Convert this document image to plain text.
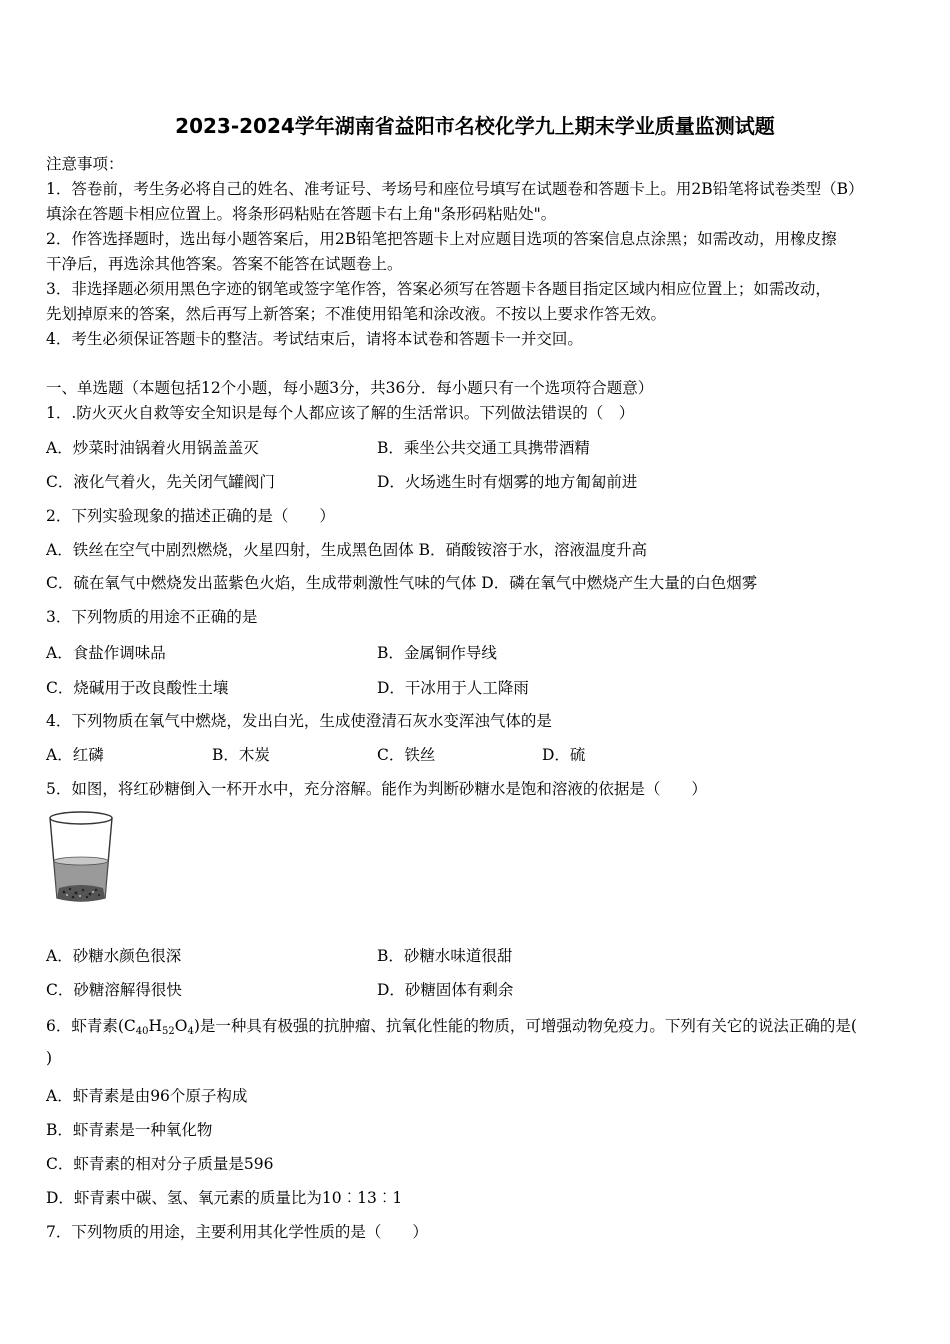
2023-2024学年湖南省益阳市名校化学九上期末学业质量监测试题
注意事项：
1．答卷前，考生务必将自己的姓名、准考证号、考场号和座位号填写在试题卷和答题卡上。用2B铅笔将试卷类型（B）
填涂在答题卡相应位置上。将条形码粘贴在答题卡右上角"条形码粘贴处"。
2．作答选择题时，选出每小题答案后，用2B铅笔把答题卡上对应题目选项的答案信息点涂黑；如需改动，用橡皮擦
干净后，再选涂其他答案。答案不能答在试题卷上。
3．非选择题必须用黑色字迹的钢笔或签字笔作答，答案必须写在答题卡各题目指定区域内相应位置上；如需改动，
先划掉原来的答案，然后再写上新答案；不准使用铅笔和涂改液。不按以上要求作答无效。
4．考生必须保证答题卡的整洁。考试结束后，请将本试卷和答题卡一并交回。
一、单选题（本题包括12个小题，每小题3分，共36分．每小题只有一个选项符合题意）
1．.防火灭火自救等安全知识是每个人都应该了解的生活常识。下列做法错误的（　）
A．炒菜时油锅着火用锅盖盖灭	B．乘坐公共交通工具携带酒精
C．液化气着火，先关闭气罐阀门	D．火场逃生时有烟雾的地方匍匐前进
2．下列实验现象的描述正确的是（　　）
A．铁丝在空气中剧烈燃烧，火星四射，生成黑色固体 B．硝酸铵溶于水，溶液温度升高
C．硫在氧气中燃烧发出蓝紫色火焰，生成带刺激性气味的气体 D．磷在氧气中燃烧产生大量的白色烟雾
3．下列物质的用途不正确的是
A．食盐作调味品	B．金属铜作导线
C．烧碱用于改良酸性土壤	D．干冰用于人工降雨
4．下列物质在氧气中燃烧，发出白光，生成使澄清石灰水变浑浊气体的是
A．红磷	B．木炭	C．铁丝	D．硫
5．如图，将红砂糖倒入一杯开水中，充分溶解。能作为判断砂糖水是饱和溶液的依据是（　　）
A．砂糖水颜色很深	B．砂糖水味道很甜
C．砂糖溶解得很快	D．砂糖固体有剩余
6．虾青素$(C_{40}H_{52}O_4)$是一种具有极强的抗肿瘤、抗氧化性能的物质，可增强动物免疫力。下列有关它的说法正确的是(
)
A．虾青素是由96个原子构成
B．虾青素是一种氧化物
C．虾青素的相对分子质量是596
D．虾青素中碳、氢、氧元素的质量比为10︰13︰1
7．下列物质的用途，主要利用其化学性质的是（　　）
